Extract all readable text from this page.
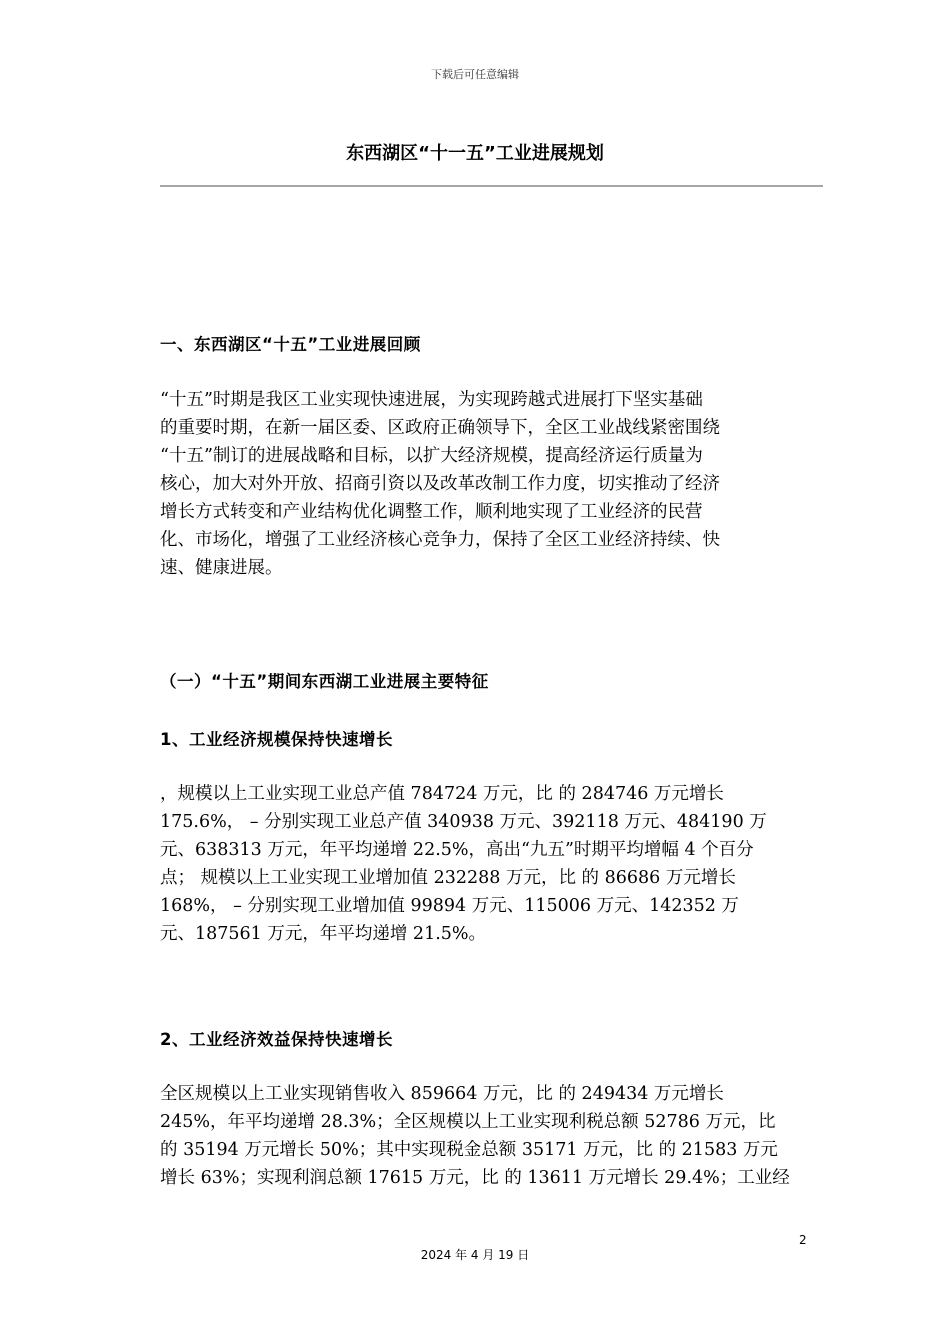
下载后可任意编辑
东西湖区“十一五”工业进展规划
一、东西湖区“十五”工业进展回顾
“十五”时期是我区工业实现快速进展，为实现跨越式进展打下坚实基础
的重要时期，在新一届区委、区政府正确领导下，全区工业战线紧密围绕
“十五”制订的进展战略和目标，以扩大经济规模，提高经济运行质量为
核心，加大对外开放、招商引资以及改革改制工作力度，切实推动了经济
增长方式转变和产业结构优化调整工作，顺利地实现了工业经济的民营
化、市场化，增强了工业经济核心竞争力，保持了全区工业经济持续、快
速、健康进展。
（一）“十五”期间东西湖工业进展主要特征
1、工业经济规模保持快速增长
，规模以上工业实现工业总产值 784724 万元，比 的 284746 万元增长
175.6%， – 分别实现工业总产值 340938 万元、392118 万元、484190 万
元、638313 万元，年平均递增 22.5%，高出“九五”时期平均增幅 4 个百分
点； 规模以上工业实现工业增加值 232288 万元，比 的 86686 万元增长
168%， – 分别实现工业增加值 99894 万元、115006 万元、142352 万
元、187561 万元，年平均递增 21.5%。
2、工业经济效益保持快速增长
全区规模以上工业实现销售收入 859664 万元，比 的 249434 万元增长
245%，年平均递增 28.3%；全区规模以上工业实现利税总额 52786 万元，比
的 35194 万元增长 50%；其中实现税金总额 35171 万元，比 的 21583 万元
增长 63%；实现利润总额 17615 万元，比 的 13611 万元增长 29.4%；工业经
2
2024 年 4 月 19 日
